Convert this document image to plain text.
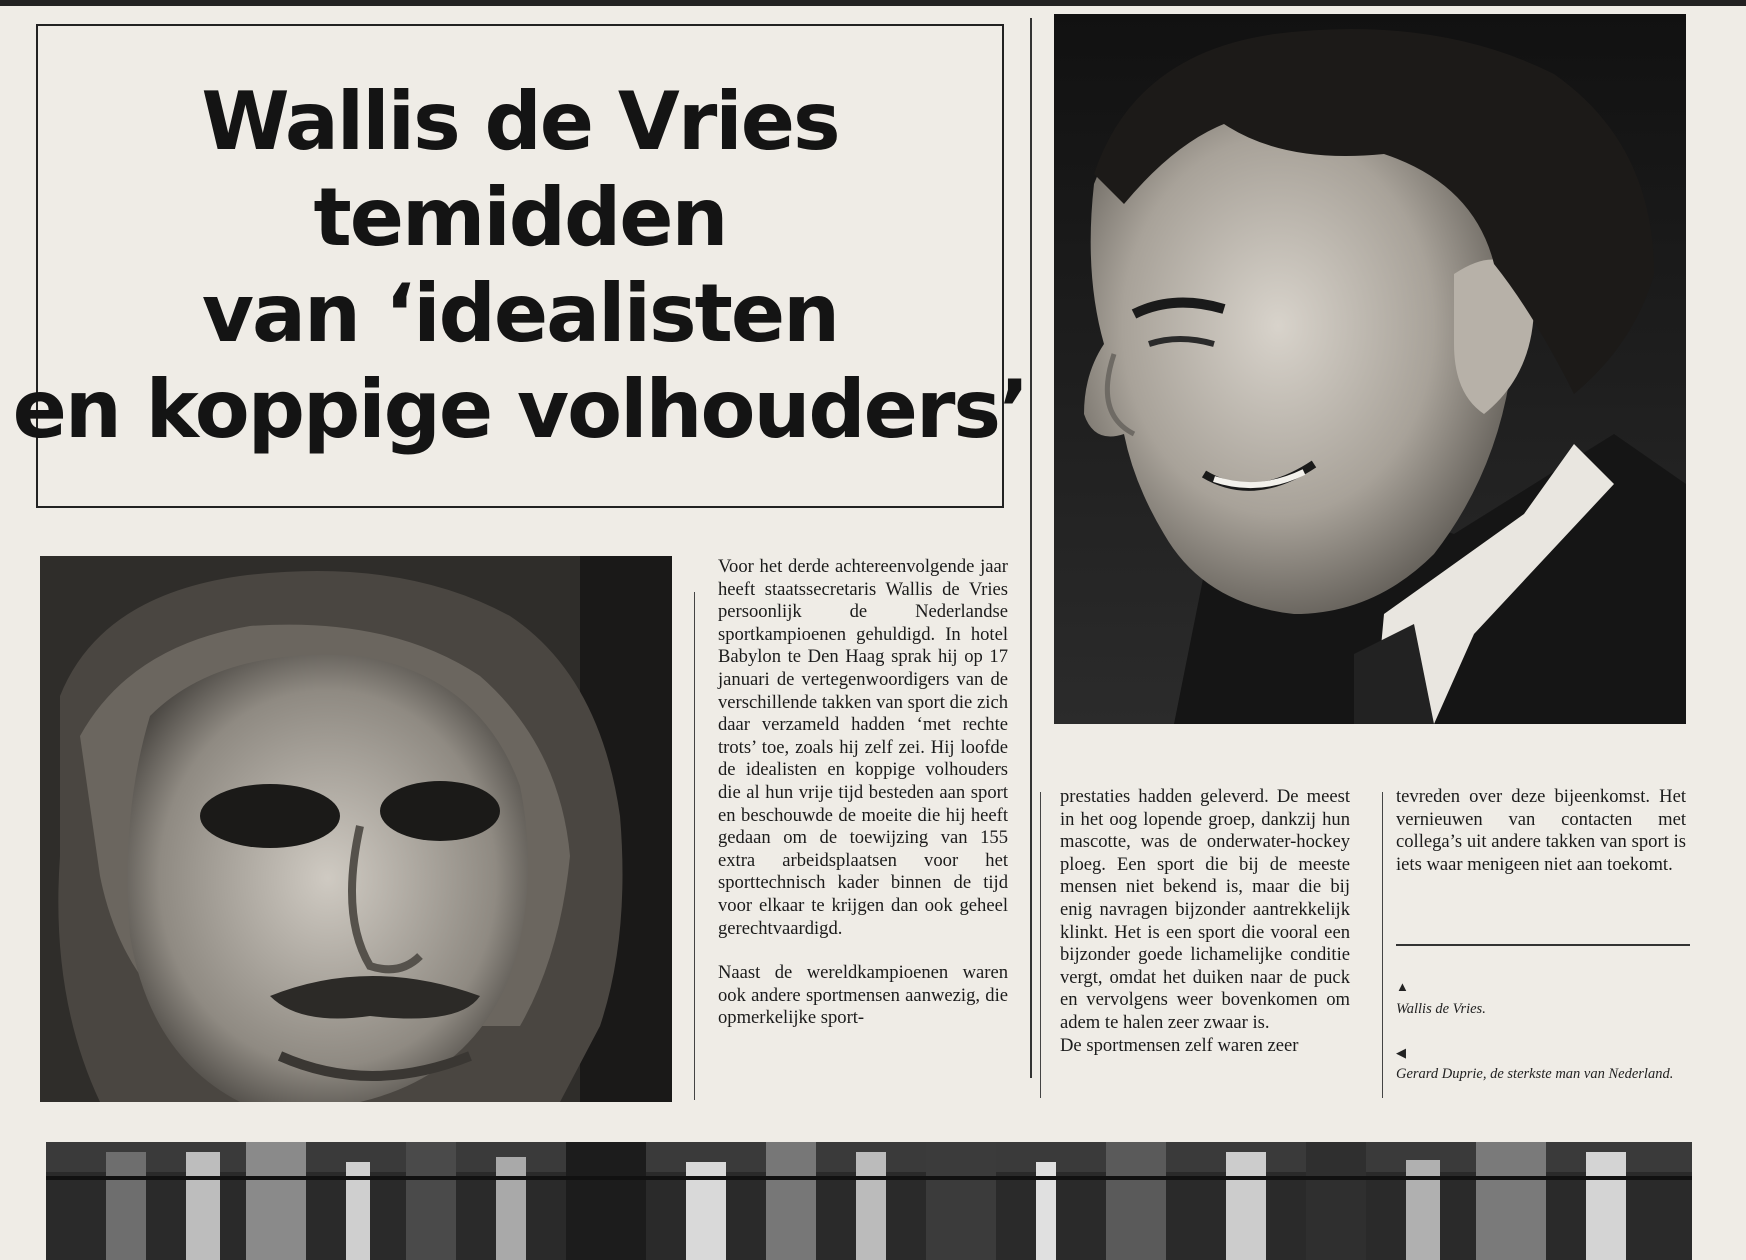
Wallis de Vries
temidden
van ‘idealisten
en koppige volhouders’

Voor het derde achtereenvolgende jaar heeft staatssecretaris Wallis de Vries persoonlijk de Nederlandse sportkampioenen gehuldigd. In hotel Babylon te Den Haag sprak hij op 17 januari de vertegenwoordigers van de verschillende takken van sport die zich daar verzameld hadden ‘met rechte trots’ toe, zoals hij zelf zei. Hij loofde de idealisten en koppige volhouders die al hun vrije tijd besteden aan sport en beschouwde de moeite die hij heeft gedaan om de toewijzing van 155 extra arbeidsplaatsen voor het sporttechnisch kader binnen de tijd voor elkaar te krijgen dan ook geheel gerechtvaardigd.

Naast de wereldkampioenen waren ook andere sportmensen aanwezig, die opmerkelijke sport-

prestaties hadden geleverd. De meest in het oog lopende groep, dankzij hun mascotte, was de onderwater-hockey ploeg. Een sport die bij de meeste mensen niet bekend is, maar die bij enig navragen bijzonder aantrekkelijk klinkt. Het is een sport die vooral een bijzonder goede lichamelijke conditie vergt, omdat het duiken naar de puck en vervolgens weer bovenkomen om adem te halen zeer zwaar is.

De sportmensen zelf waren zeer

tevreden over deze bijeenkomst. Het vernieuwen van contacten met collega’s uit andere takken van sport is iets waar menigeen niet aan toekomt.

▲
Wallis de Vries.
◀
Gerard Duprie, de sterkste man van Nederland.
